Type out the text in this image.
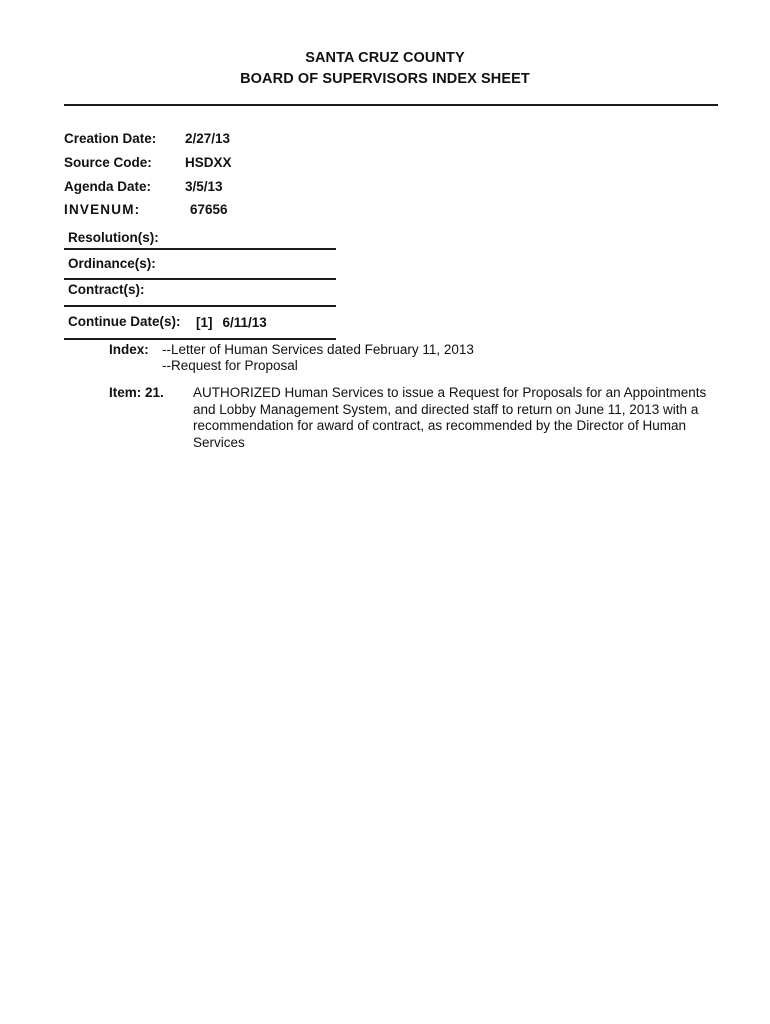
SANTA CRUZ COUNTY
BOARD OF SUPERVISORS INDEX SHEET
Creation Date: 2/27/13
Source Code: HSDXX
Agenda Date:	3/5/13
INVENUM:	67656
Resolution(s):
Ordinance(s):
Contract(s):
Continue Date(s): [1] 6/11/13
Index: --Letter of Human Services dated February 11, 2013
--Request for Proposal
Item: 21. AUTHORIZED Human Services to issue a Request for Proposals for an Appointments and Lobby Management System, and directed staff to return on June 11, 2013 with a recommendation for award of contract, as recommended by the Director of Human Services
